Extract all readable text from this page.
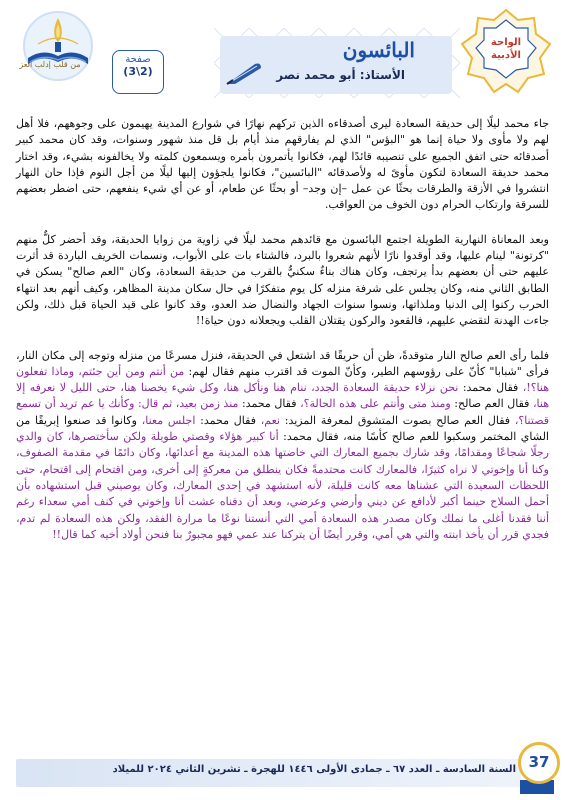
من قلب إدلب العز	صفحة
(3\2)
البائسون
الأستاذ: أبو محمد نصر
الواحة الأدبية

جاء محمد ليلًا إلى حديقة السعادة ليرى أصدقاءه الذين تركهم نهارًا في شوارع المدينة يهيمون على وجوههم، فلا أهل لهم ولا مأوى ولا حياة إنما هو "البؤس" الذي لم يفارقهم منذ أيام بل قل منذ شهور وسنوات، وقد كان محمد كبير أصدقائه حتى اتفق الجميع على تنصيبه قائدًا لهم، فكانوا يأتمرون بأمره ويسمعون كلمته ولا يخالفونه بشيء، وقد اختار محمد حديقة السعادة لتكون مأوىً له ولأصدقائه "البائسين"، فكانوا يلجؤون إليها ليلًا من أجل النوم فإذا حان النهار انتشروا في الأزقة والطرقات بحثًا عن عمل –إن وجد– أو بحثًا عن طعام، أو عن أي شيء ينفعهم، حتى اضطر بعضهم للسرقة وارتكاب الحرام دون الخوف من العواقب.

وبعد المعاناة النهارية الطويلة اجتمع البائسون مع قائدهم محمد ليلًا في زاوية من زوايا الحديقة، وقد أحضر كلٌّ منهم "كرتونة" لينام عليها، وقد أوقدوا نارًا لأنهم شعروا بالبرد، فالشتاء بات على الأبواب، ونسمات الخريف الباردة قد أثرت عليهم حتى أن بعضهم بدأ يرتجف، وكان هناك بناءٌ سكنيٌّ بالقرب من حديقة السعادة، وكان "العم صالح" يسكن في الطابق الثاني منه، وكان يجلس على شرفة منزله كل يوم متفكرًا في حال سكان مدينة المظاهر، وكيف أنهم بعد انتهاء الحرب ركنوا إلى الدنيا وملذاتها، ونسوا سنوات الجهاد والنضال ضد العدو، وقد كانوا على قيد الحياة قبل ذلك، ولكن جاءت الهدنة لتقضي عليهم، فالقعود والركون يقتلان القلب ويجعلانه دون حياة!!

فلما رأى العم صالح النار متوقدةً، ظن أن حريقًا قد اشتعل في الحديقة، فنزل مسرعًا من منزله وتوجه إلى مكان النار، فرأى "شبابا" كأنّ على رؤوسهم الطير، وكأنّ الموت قد اقترب منهم فقال لهم: من أنتم ومن أين جئتم، وماذا تفعلون هنا؟!، فقال محمد: نحن نزلاء حديقة السعادة الجدد، ننام هنا ونأكل هنا، وكل شيء يخصنا هنا، حتى الليل لا نعرفه إلا هنا، فقال العم صالح: ومنذ متى وأنتم على هذه الحالة؟، فقال محمد: منذ زمن بعيد، ثم قال: وكأنك يا عم تريد أن تسمع قصتنا؟، فقال العم صالح بصوت المتشوق لمعرفة المزيد: نعم، فقال محمد: اجلس معنا، وكانوا قد صنعوا إبريقًا من الشاي المختمر وسكبوا للعم صالح كأسًا منه، فقال محمد: أنا كبير هؤلاء وقصتي طويلة ولكن سأختصرها، كان والدي رجلًا شجاعًا ومقدامًا، وقد شارك بجميع المعارك التي خاضتها هذه المدينة مع أعدائها، وكان دائمًا في مقدمة الصفوف، وكنا أنا وإخوتي لا نراه كثيرًا، فالمعارك كانت محتدمةً فكان ينطلق من معركةٍ إلى أخرى، ومن اقتحام إلى اقتحام، حتى اللحظات السعيدة التي عشناها معه كانت قليلة، لأنه استشهد في إحدى المعارك، وكان يوصيني قبل استشهاده بأن أحمل السلاح حينما أكبر لأدافع عن ديني وأرضي وعرضي، وبعد أن دفناه عشت أنا وإخوتي في كنف أمي سعداء رغم أننا فقدنا أغلى ما نملك وكان مصدر هذه السعادة أمي التي أنستنا نوعًا ما مرارة الفقد، ولكن هذه السعادة لم تدم، فجدي قرر أن يأخذ ابنته والتي هي أمي، وقرر أيضًا أن يتركنا عند عمي فهو مجبورٌ بنا فنحن أولاد أخيه كما قال!!

السنة السادسة ـ العدد ٦٧ ـ جمادى الأولى ١٤٤٦ للهجرة ـ تشرين الثاني ٢٠٢٤ للميلاد 37
